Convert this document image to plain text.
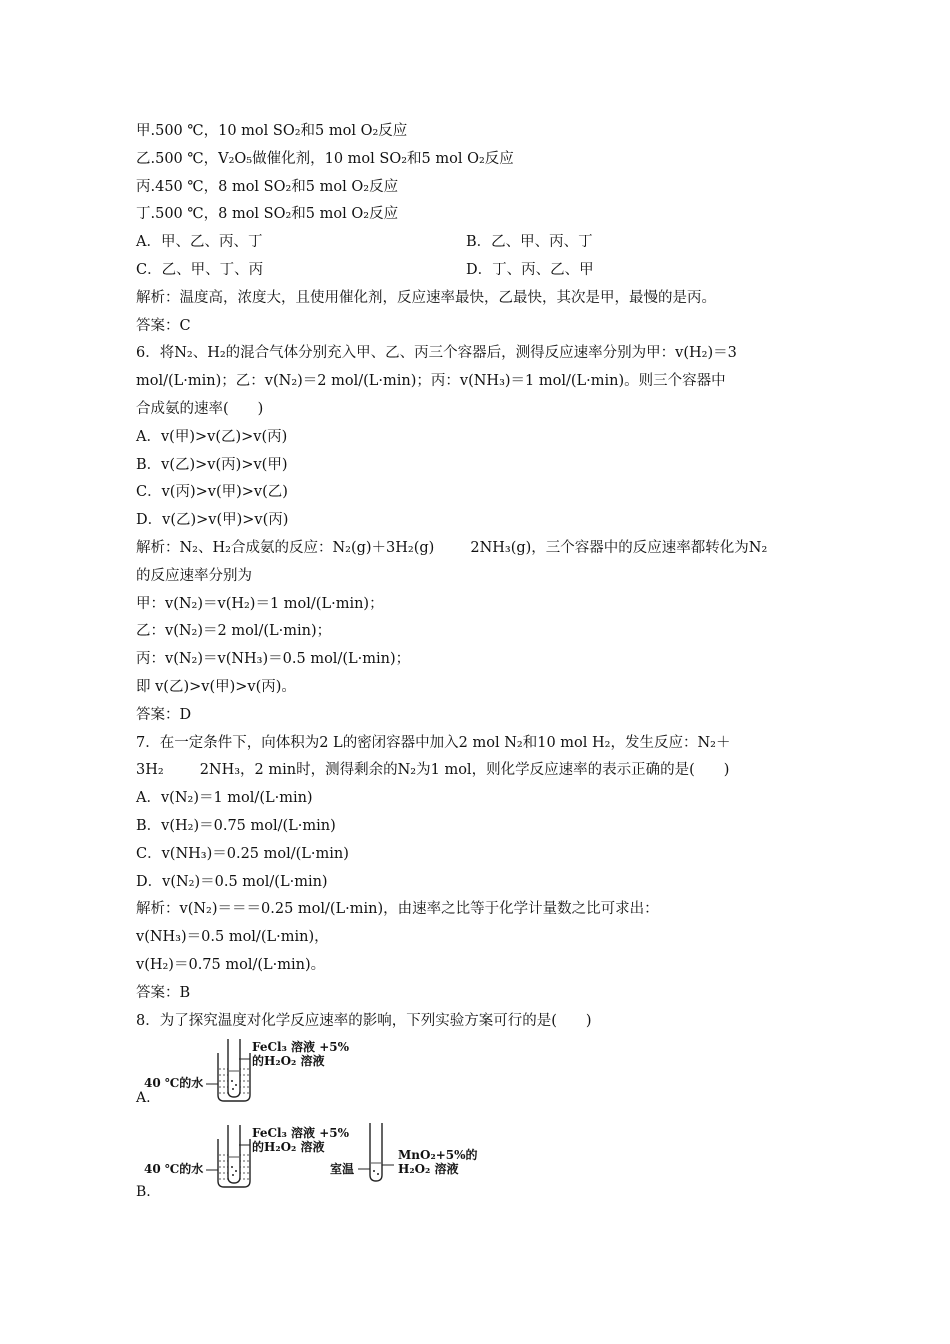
甲.500 ℃，10 mol SO₂和5 mol O₂反应
乙.500 ℃，V₂O₅做催化剂，10 mol SO₂和5 mol O₂反应
丙.450 ℃，8 mol SO₂和5 mol O₂反应
丁.500 ℃，8 mol SO₂和5 mol O₂反应
A．甲、乙、丙、丁	B．乙、甲、丙、丁
C．乙、甲、丁、丙	D．丁、丙、乙、甲
解析：温度高，浓度大，且使用催化剂，反应速率最快，乙最快，其次是甲，最慢的是丙。
答案：C
6．将N₂、H₂的混合气体分别充入甲、乙、丙三个容器后，测得反应速率分别为甲：v(H₂)＝3
mol/(L·min)；乙：v(N₂)＝2 mol/(L·min)；丙：v(NH₃)＝1 mol/(L·min)。则三个容器中
合成氨的速率(　　)
A．v(甲)>v(乙)>v(丙)
B．v(乙)>v(丙)>v(甲)
C．v(丙)>v(甲)>v(乙)
D．v(乙)>v(甲)>v(丙)
解析：N₂、H₂合成氨的反应：N₂(g)＋3H₂(g) 2NH₃(g)，三个容器中的反应速率都转化为N₂
的反应速率分别为
甲：v(N₂)＝v(H₂)＝1 mol/(L·min)；
乙：v(N₂)＝2 mol/(L·min)；
丙：v(N₂)＝v(NH₃)＝0.5 mol/(L·min)；
即 v(乙)>v(甲)>v(丙)。
答案：D
7．在一定条件下，向体积为2 L的密闭容器中加入2 mol N₂和10 mol H₂，发生反应：N₂＋
3H₂ 2NH₃，2 min时，测得剩余的N₂为1 mol，则化学反应速率的表示正确的是(　　)
A．v(N₂)＝1 mol/(L·min)
B．v(H₂)＝0.75 mol/(L·min)
C．v(NH₃)＝0.25 mol/(L·min)
D．v(N₂)＝0.5 mol/(L·min)
解析：v(N₂)＝＝＝0.25 mol/(L·min)，由速率之比等于化学计量数之比可求出：
v(NH₃)＝0.5 mol/(L·min)，
v(H₂)＝0.75 mol/(L·min)。
答案：B
8．为了探究温度对化学反应速率的影响，下列实验方案可行的是(　　)
40 ℃的水
FeCl₃ 溶液 +5%
的H₂O₂ 溶液
A.
40 ℃的水
FeCl₃ 溶液 +5%
的H₂O₂ 溶液
室温
MnO₂+5%的
H₂O₂ 溶液
B.
